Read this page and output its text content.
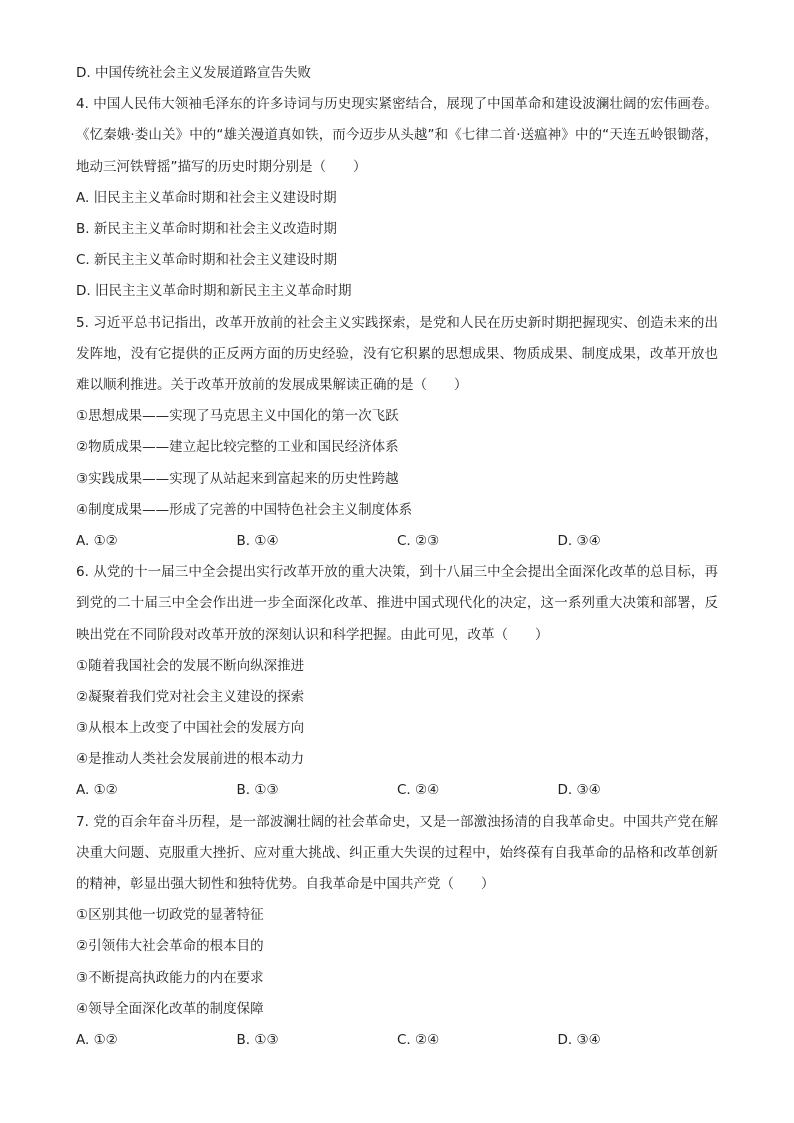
D. 中国传统社会主义发展道路宣告失败
4. 中国人民伟大领袖毛泽东的许多诗词与历史现实紧密结合，展现了中国革命和建设波澜壮阔的宏伟画卷。《忆秦娥·娄山关》中的“雄关漫道真如铁，而今迈步从头越”和《七律二首·送瘟神》中的“天连五岭银锄落，地动三河铁臂摇”描写的历史时期分别是（　　）
A. 旧民主主义革命时期和社会主义建设时期
B. 新民主主义革命时期和社会主义改造时期
C. 新民主主义革命时期和社会主义建设时期
D. 旧民主主义革命时期和新民主主义革命时期
5. 习近平总书记指出，改革开放前的社会主义实践探索，是党和人民在历史新时期把握现实、创造未来的出发阵地，没有它提供的正反两方面的历史经验，没有它积累的思想成果、物质成果、制度成果，改革开放也难以顺利推进。关于改革开放前的发展成果解读正确的是（　　）
①思想成果——实现了马克思主义中国化的第一次飞跃
②物质成果——建立起比较完整的工业和国民经济体系
③实践成果——实现了从站起来到富起来的历史性跨越
④制度成果——形成了完善的中国特色社会主义制度体系
A. ①②	B. ①④	C. ②③	D. ③④
6. 从党的十一届三中全会提出实行改革开放的重大决策，到十八届三中全会提出全面深化改革的总目标，再到党的二十届三中全会作出进一步全面深化改革、推进中国式现代化的决定，这一系列重大决策和部署，反映出党在不同阶段对改革开放的深刻认识和科学把握。由此可见，改革（　　）
①随着我国社会的发展不断向纵深推进
②凝聚着我们党对社会主义建设的探索
③从根本上改变了中国社会的发展方向
④是推动人类社会发展前进的根本动力
A. ①②	B. ①③	C. ②④	D. ③④
7. 党的百余年奋斗历程，是一部波澜壮阔的社会革命史，又是一部激浊扬清的自我革命史。中国共产党在解决重大问题、克服重大挫折、应对重大挑战、纠正重大失误的过程中，始终葆有自我革命的品格和改革创新的精神，彰显出强大韧性和独特优势。自我革命是中国共产党（　　）
①区别其他一切政党的显著特征
②引领伟大社会革命的根本目的
③不断提高执政能力的内在要求
④领导全面深化改革的制度保障
A. ①②	B. ①③	C. ②④	D. ③④
